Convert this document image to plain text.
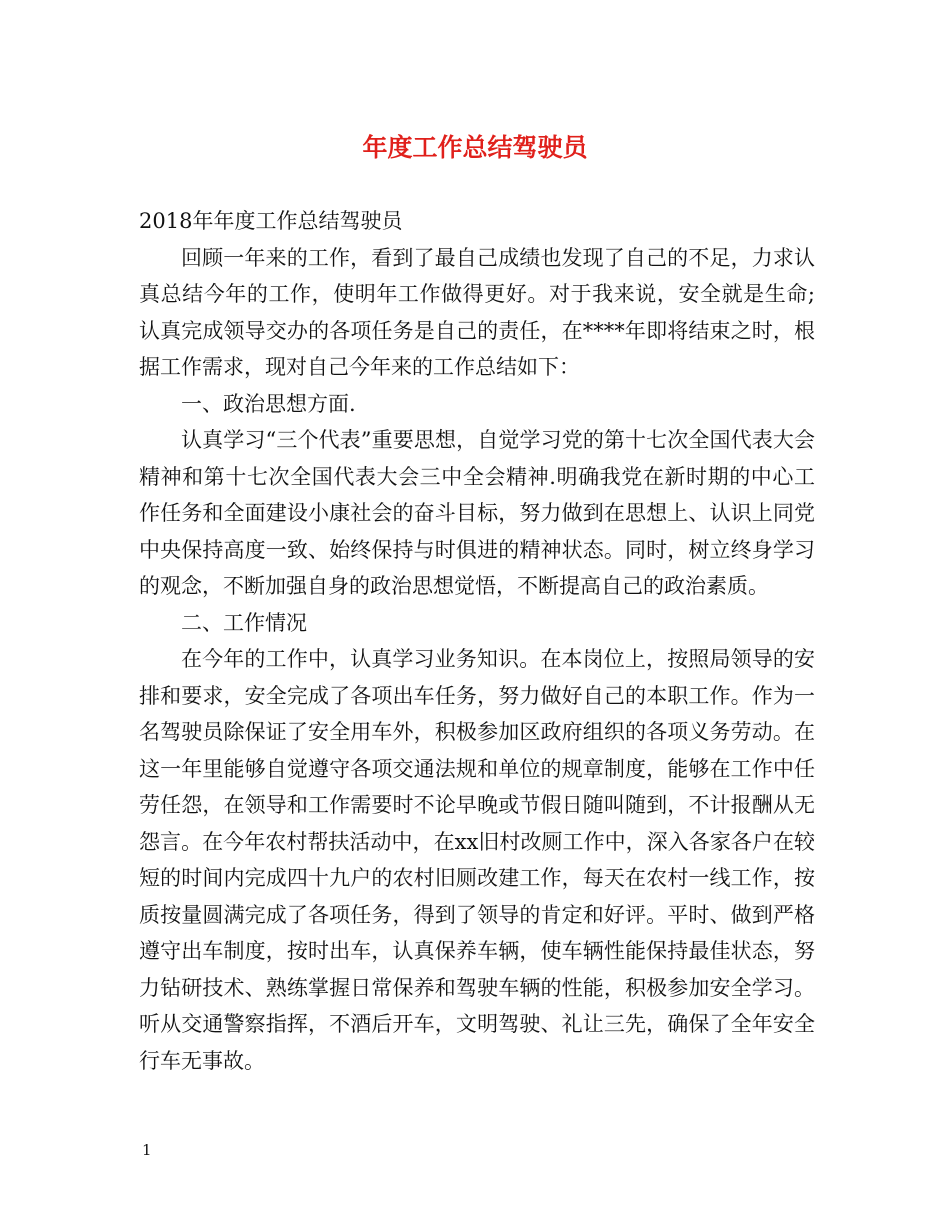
年度工作总结驾驶员

2018年年度工作总结驾驶员

回顾一年来的工作，看到了最自己成绩也发现了自己的不足，力求认真总结今年的工作，使明年工作做得更好。对于我来说，安全就是生命;认真完成领导交办的各项任务是自己的责任，在****年即将结束之时，根据工作需求，现对自己今年来的工作总结如下：

一、政治思想方面.

认真学习“三个代表”重要思想，自觉学习党的第十七次全国代表大会精神和第十七次全国代表大会三中全会精神.明确我党在新时期的中心工作任务和全面建设小康社会的奋斗目标，努力做到在思想上、认识上同党中央保持高度一致、始终保持与时俱进的精神状态。同时，树立终身学习的观念，不断加强自身的政治思想觉悟，不断提高自己的政治素质。

二、工作情况

在今年的工作中，认真学习业务知识。在本岗位上，按照局领导的安排和要求，安全完成了各项出车任务，努力做好自己的本职工作。作为一名驾驶员除保证了安全用车外，积极参加区政府组织的各项义务劳动。在这一年里能够自觉遵守各项交通法规和单位的规章制度，能够在工作中任劳任怨，在领导和工作需要时不论早晚或节假日随叫随到，不计报酬从无怨言。在今年农村帮扶活动中，在xx旧村改厕工作中，深入各家各户在较短的时间内完成四十九户的农村旧厕改建工作，每天在农村一线工作，按质按量圆满完成了各项任务，得到了领导的肯定和好评。平时、做到严格遵守出车制度，按时出车，认真保养车辆，使车辆性能保持最佳状态，努力钻研技术、熟练掌握日常保养和驾驶车辆的性能，积极参加安全学习。听从交通警察指挥，不酒后开车，文明驾驶、礼让三先，确保了全年安全行车无事故。

1
